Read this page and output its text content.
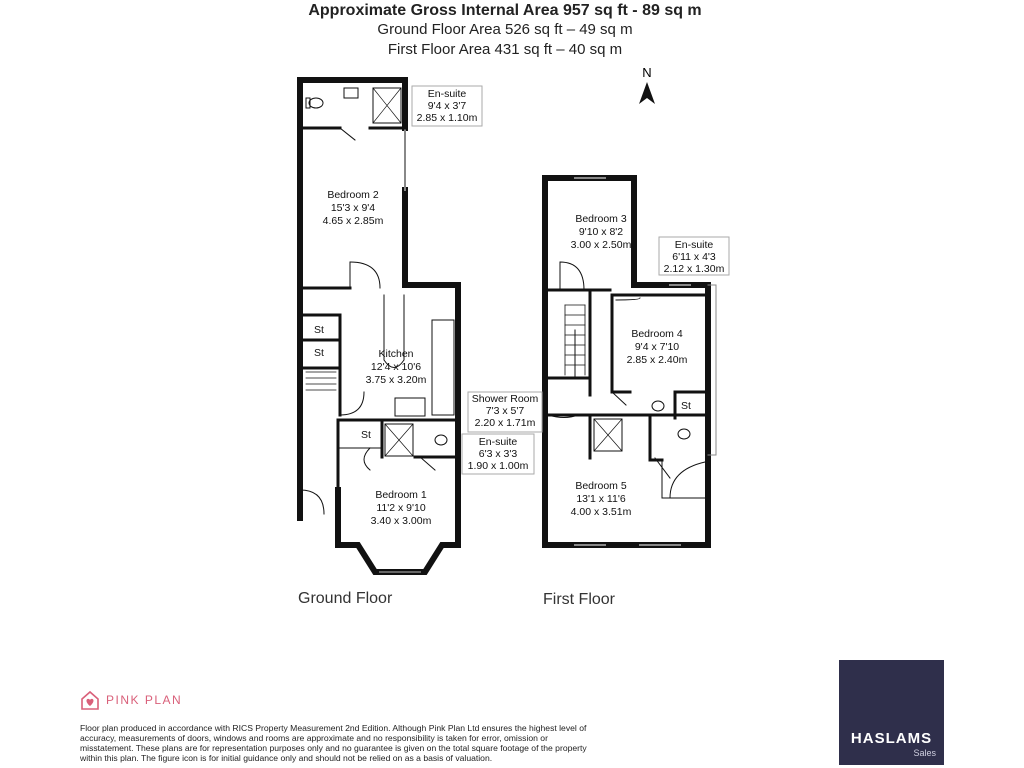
Approximate Gross Internal Area 957 sq ft - 89 sq m
Ground Floor Area 526 sq ft – 49 sq m
First Floor Area 431 sq ft – 40 sq m
N
En-suite
9'4 x 3'7
2.85 x 1.10m
Bedroom 2
15'3 x 9'4
4.65 x 2.85m
St
St	Kitchen
12'4 x 10'6
3.75 x 3.20m
St
En-suite
6'3 x 3'3
1.90 x 1.00m
Bedroom 1
11'2 x 9'10
3.40 x 3.00m
Bedroom 3
9'10 x 8'2
3.00 x 2.50m	En-suite
6'11 x 4'3
2.12 x 1.30m
Bedroom 4
9'4 x 7'10
2.85 x 2.40m
St
Shower Room
7'3 x 5'7
2.20 x 1.71m
Bedroom 5
13'1 x 11'6
4.00 x 3.51m
Ground Floor	First Floor
PINK PLAN
Floor plan produced in accordance with RICS Property Measurement 2nd Edition. Although Pink Plan Ltd ensures the highest level of accuracy, measurements of doors, windows and rooms are approximate and no responsibility is taken for error, omission or misstatement. These plans are for representation purposes only and no guarantee is given on the total square footage of the property within this plan. The figure icon is for initial guidance only and should not be relied on as a basis of valuation.
HASLAMS
Sales
